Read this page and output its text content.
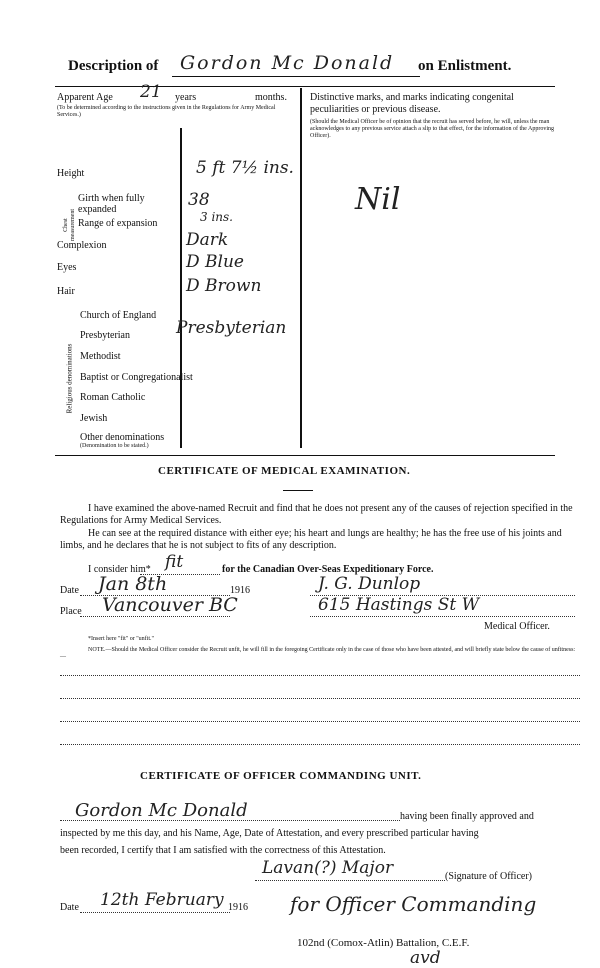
Description of Gordon Mc Donald on Enlistment.
Apparent Age 21 years	months.
(To be determined according to the instructions given in the Regulations for Army Medical Services.)
Height	5 ft 7½ ins.
Chest measurement
Girth when fully expanded	38
Range of expansion	3 ins.
Complexion	Dark
Eyes	D Blue
Hair	D Brown
Religious denominations
Church of England
Presbyterian	Presbyterian
Methodist
Baptist or Congregationalist
Roman Catholic
Jewish
Other denominations
(Denomination to be stated.)
Distinctive marks, and marks indicating congenital peculiarities or previous disease.
(Should the Medical Officer be of opinion that the recruit has served before, he will, unless the man acknowledges to any previous service attach a slip to that effect, for the information of the Approving Officer).
Nil
CERTIFICATE OF MEDICAL EXAMINATION.
I have examined the above-named Recruit and find that he does not present any of the causes of rejection specified in the Regulations for Army Medical Services.
He can see at the required distance with either eye; his heart and lungs are healthy; he has the free use of his joints and limbs, and he declares that he is not subject to fits of any description.
I consider him* fit	for the Canadian Over-Seas Expeditionary Force.
Date Jan 8th	1916	J. G. Dunlop
Place Vancouver BC	615 Hastings St W
Medical Officer.
*Insert here "fit" or "unfit."
NOTE.—Should the Medical Officer consider the Recruit unfit, he will fill in the foregoing Certificate only in the case of those who have been attested, and will briefly state below the cause of unfitness:—
CERTIFICATE OF OFFICER COMMANDING UNIT.
Gordon Mc Donald	having been finally approved and
inspected by me this day, and his Name, Age, Date of Attestation, and every prescribed particular having
been recorded, I certify that I am satisfied with the correctness of this Attestation.
Lavan(?) Major	(Signature of Officer)
Date 12th February 1916 for Officer Commanding
102nd (Comox-Atlin) Battalion, C.E.F.
avd
